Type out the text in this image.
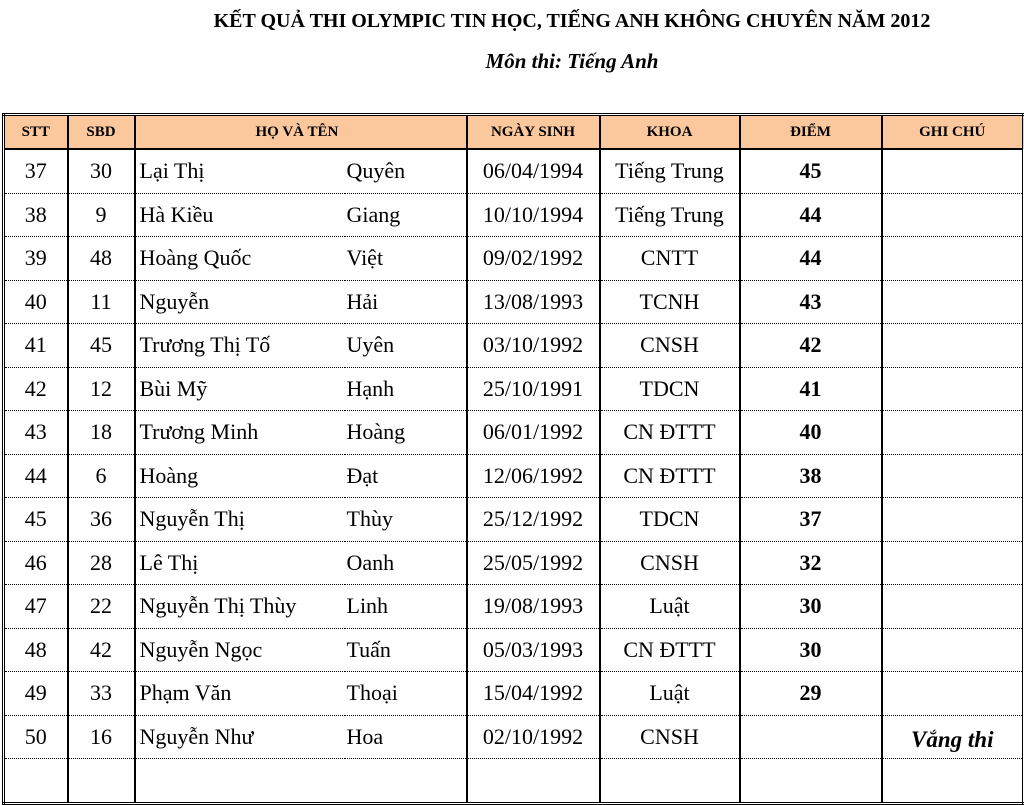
KẾT QUẢ THI OLYMPIC TIN HỌC, TIẾNG ANH KHÔNG CHUYÊN NĂM 2012
Môn thi: Tiếng Anh
STT	SBD	HỌ VÀ TÊN		NGÀY SINH	KHOA	ĐIỂM	GHI CHÚ
37	30	Lại Thị	Quyên	06/04/1994	Tiếng Trung	45	
38	9	Hà Kiều	Giang	10/10/1994	Tiếng Trung	44	
39	48	Hoàng Quốc	Việt	09/02/1992	CNTT	44	
40	11	Nguyễn	Hải	13/08/1993	TCNH	43	
41	45	Trương Thị Tố	Uyên	03/10/1992	CNSH	42	
42	12	Bùi Mỹ	Hạnh	25/10/1991	TDCN	41	
43	18	Trương Minh	Hoàng	06/01/1992	CN ĐTTT	40	
44	6	Hoàng	Đạt	12/06/1992	CN ĐTTT	38	
45	36	Nguyễn Thị	Thùy	25/12/1992	TDCN	37	
46	28	Lê Thị	Oanh	25/05/1992	CNSH	32	
47	22	Nguyễn Thị Thùy	Linh	19/08/1993	Luật	30	
48	42	Nguyễn Ngọc	Tuấn	05/03/1993	CN ĐTTT	30	
49	33	Phạm Văn	Thoại	15/04/1992	Luật	29	
50	16	Nguyễn Như	Hoa	02/10/1992	CNSH		Vắng thi
